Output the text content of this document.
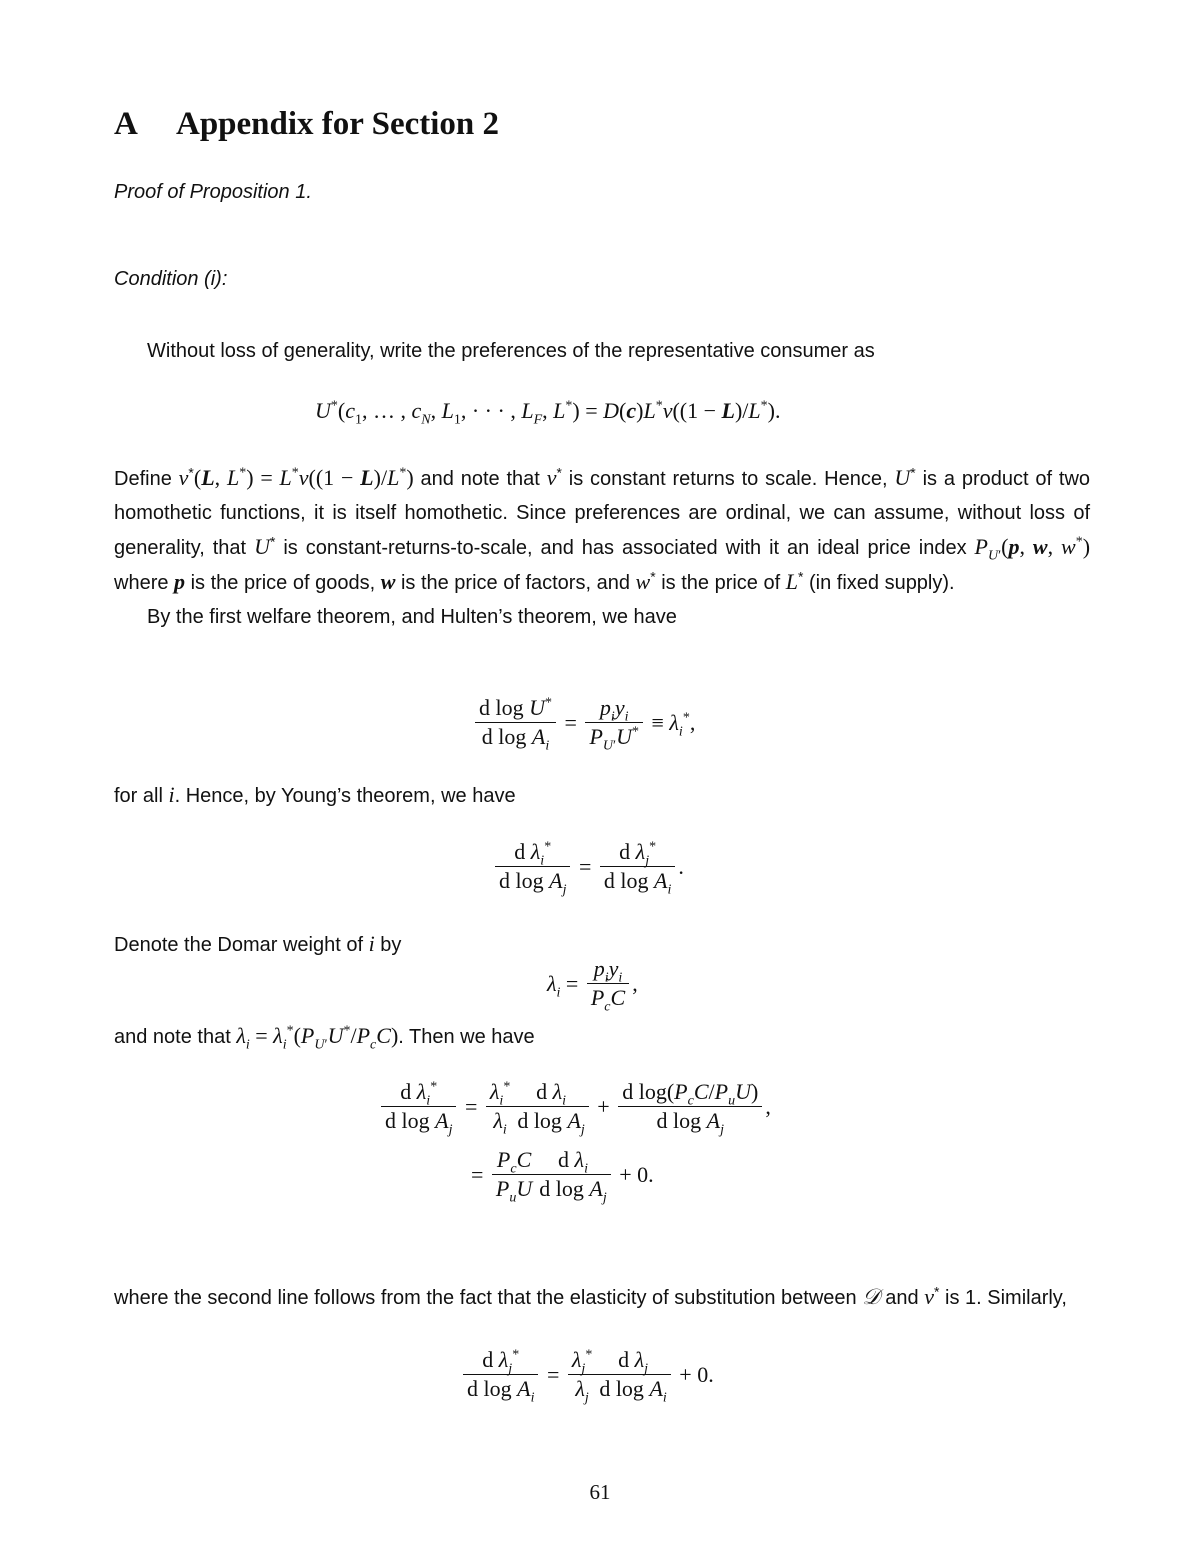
A Appendix for Section 2
Proof of Proposition 1.
Condition (i):
Without loss of generality, write the preferences of the representative consumer as
$U^*(c_1$, … , $c_N$, $L_1$, · · · , $L_F$, L*) = D(c)L*v((1 − L)/L*).

Define v*(L, L*) = L*v((1 − L)/L*) and note that v* is constant returns to scale. Hence, U* is a product of two homothetic functions, it is itself homothetic. Since preferences are ordinal, we can assume, without loss of generality, that U* is constant-returns-to-scale, and has associated with it an ideal price index $P_{U'}(p$, w, w*) where p is the price of goods, w is the price of factors, and w* is the price of L* (in fixed supply).

By the first welfare theorem, and Hulten’s theorem, we have

$\frac{d \log U^*}{d \log A_i} = \frac{p_iy_i}{P_{U'}U^*} \equiv \lambda_i^*$,
for all i. Hence, by Young’s theorem, we have
$\frac{d \lambda_i^*}{d \log A_j} = \frac{d \lambda_j^*}{d \log A_i}$ .
Denote the Domar weight of i by
$\lambda_i = \frac{p_iy_i}{P_cC}$ ,
and note that $\lambda_i = \lambda_i^*(P_{U'}U^*/P_cC)$. Then we have
$\frac{d \lambda_i^*}{d \log A_j} = \frac{\lambda_i^*}{\lambda_i} \frac{d \lambda_i}{d \log A_j} + \frac{d \log(P_cC/P_uU)}{d \log A_j}$ ,
= $\frac{P_cC}{P_uU} \frac{d \lambda_i}{d \log A_j} + 0$.

where the second line follows from the fact that the elasticity of substitution between 𝒟 and v* is 1. Similarly,

$\frac{d \lambda_j^*}{d \log A_i} = \frac{\lambda_j^*}{\lambda_j} \frac{d \lambda_j}{d \log A_i} + 0$.
61
